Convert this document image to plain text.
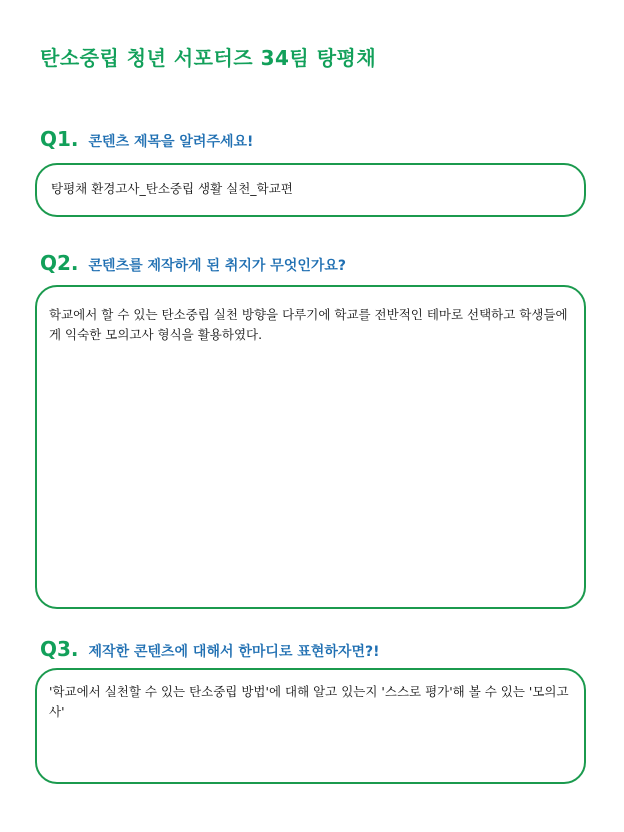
탄소중립 청년 서포터즈 34팀 탕평채
Q1. 콘텐츠 제목을 알려주세요!

탕평채 환경고사_탄소중립 생활 실천_학교편

Q2. 콘텐츠를 제작하게 된 취지가 무엇인가요?

학교에서 할 수 있는 탄소중립 실천 방향을 다루기에 학교를 전반적인 테마로 선택하고 학생들에게 익숙한 모의고사 형식을 활용하였다.

Q3. 제작한 콘텐츠에 대해서 한마디로 표현하자면?!

'학교에서 실천할 수 있는 탄소중립 방법'에 대해 알고 있는지 '스스로 평가'해 볼 수 있는 '모의고사'
